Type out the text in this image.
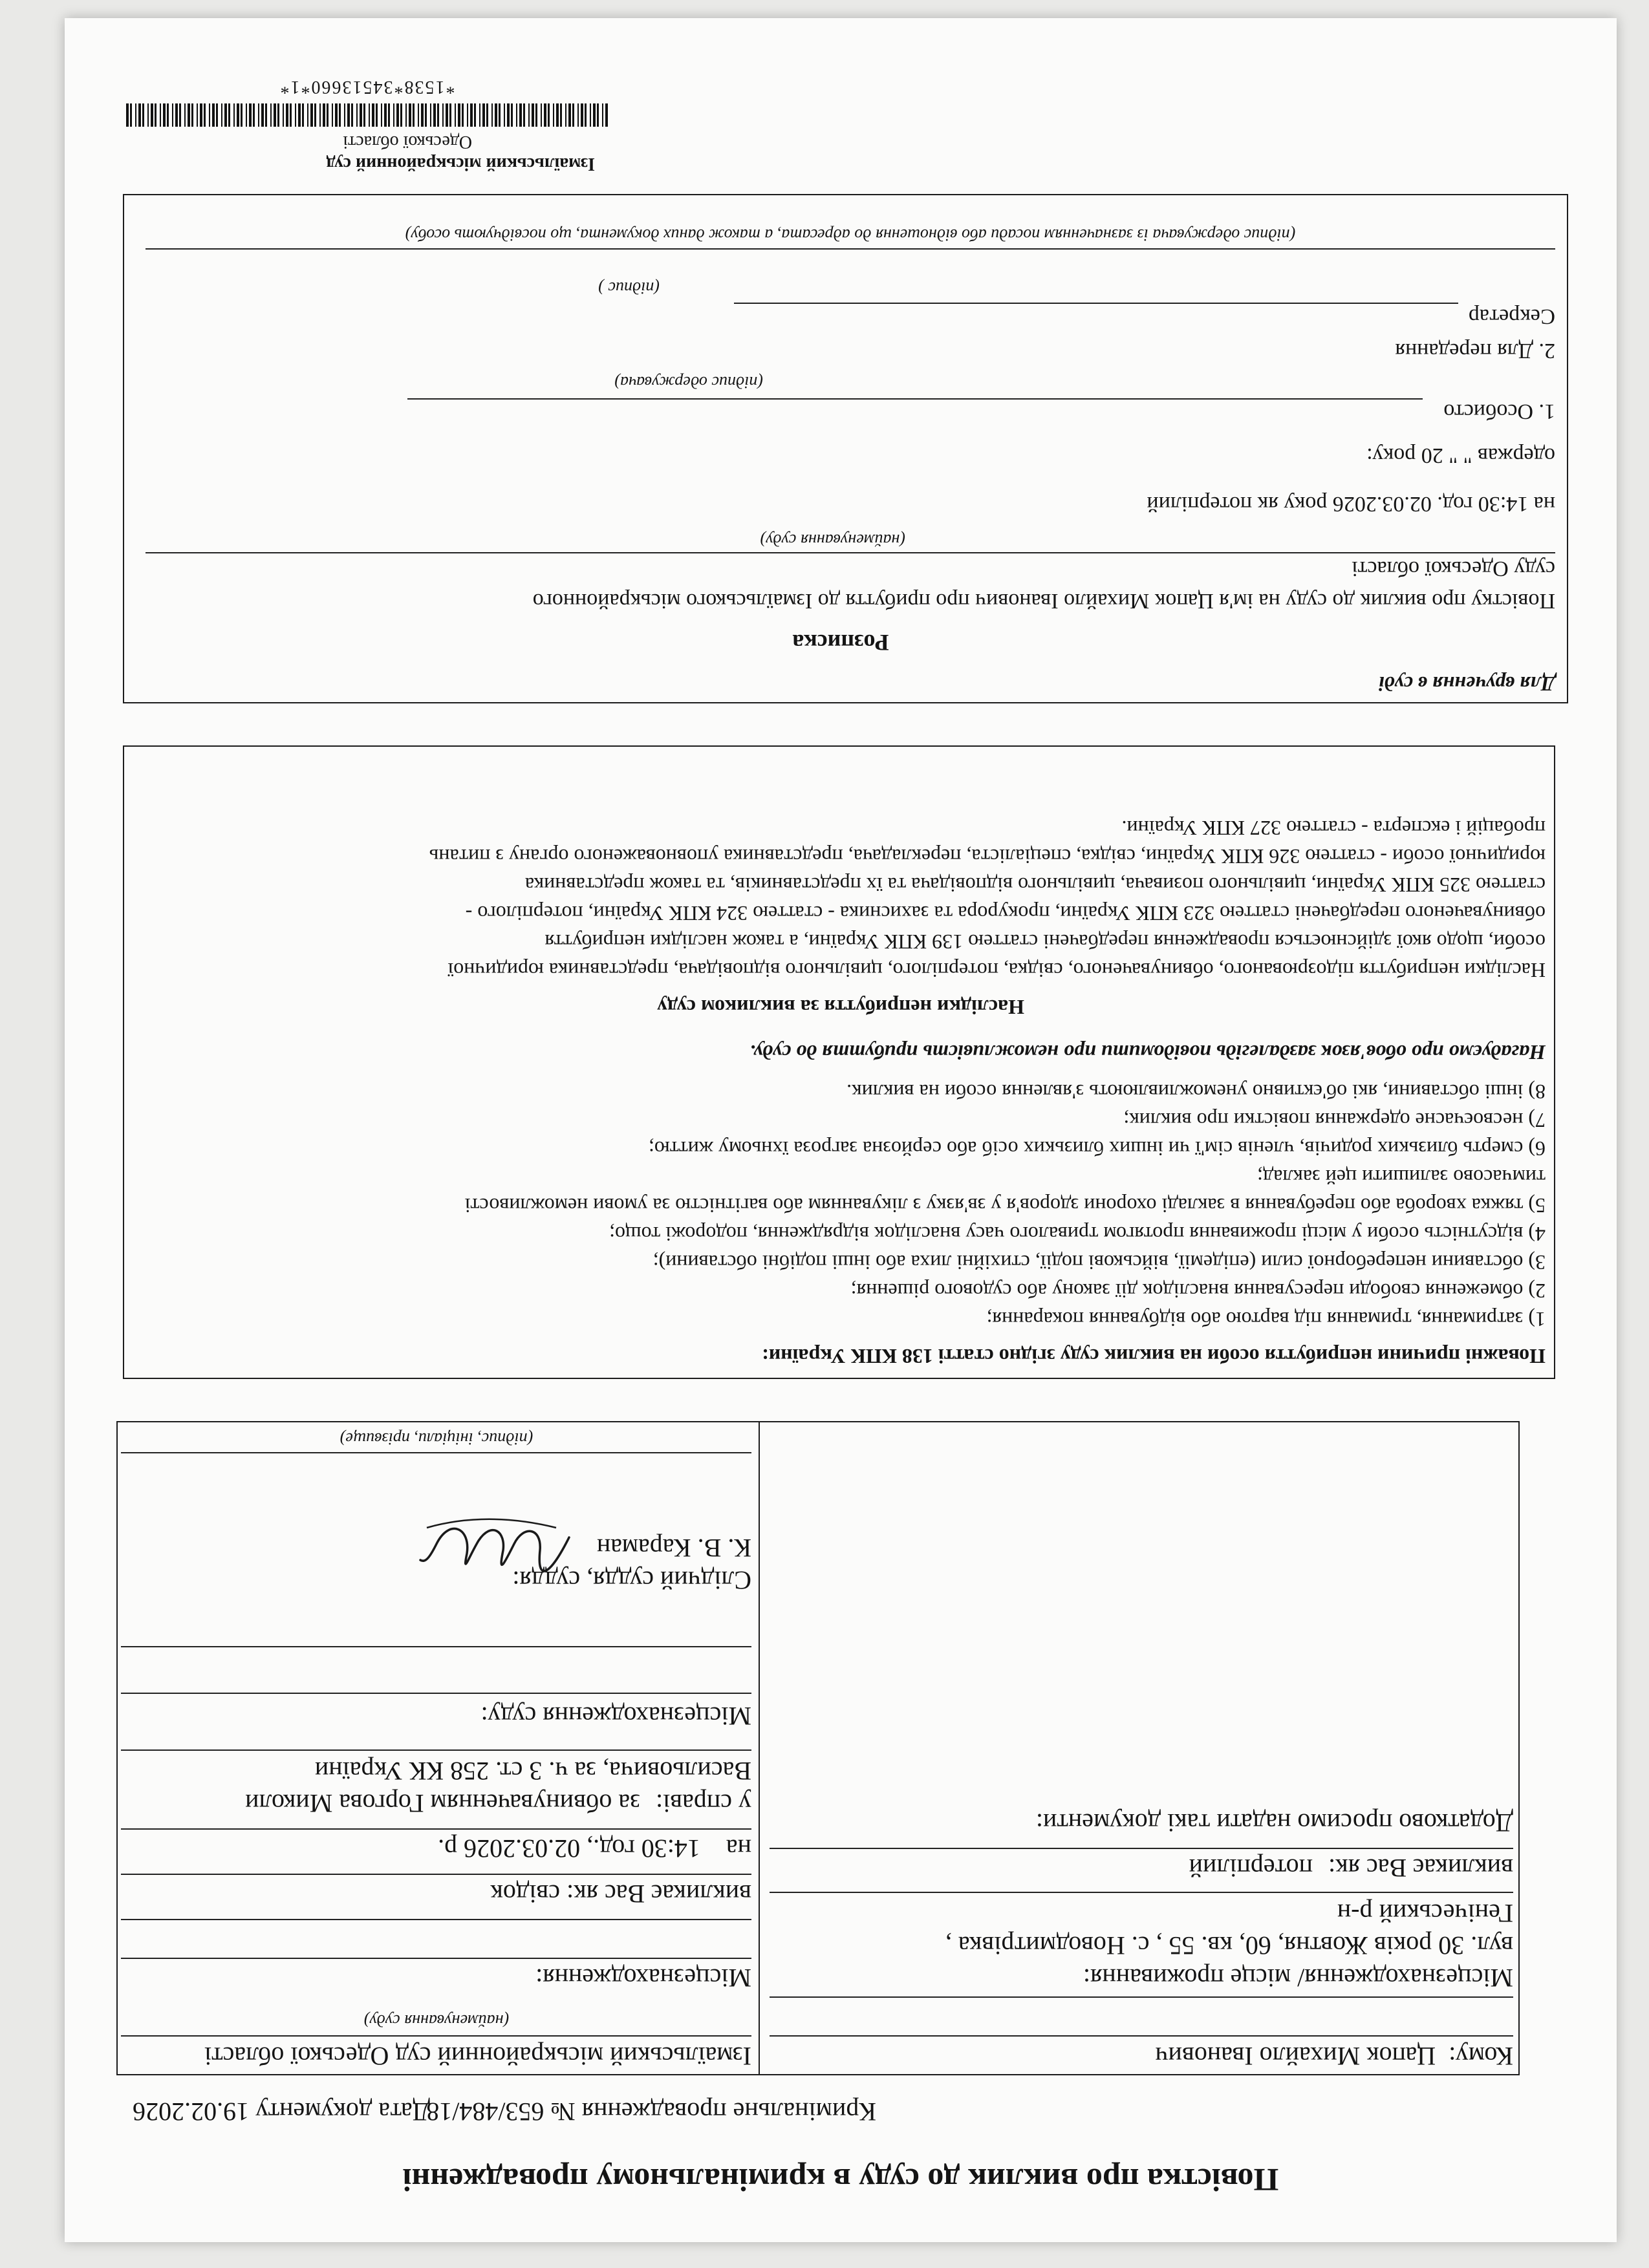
Повістка про виклик до суду в кримінальному провадженні
Кримінальне провадження № 653/484/18
Дата документу 19.02.2026
Ізмаїльський міськрайонний суд Одеської області
(найменування суду)
Місцезнаходження:
викликає Вас як: свідок
на 14:30 год., 02.03.2026 р.
у справі: за обвинуваченням Горгова Миколи
Васильовича, за ч. 3 ст. 258 КК України
Місцезнаходження суду:
Слідчий суддя, суддя:
К. В. Караман
(підпис, ініціали, прізвище)
Кому: Цапок Михайло Іванович
Місцезнаходження/ місце проживання:
вул. 30 років Жовтня, 60, кв. 55 , с. Новодмитрівка ,
Генічеський р-н
викликає Вас як: потерпілий
Додатково просимо надати такі документи:
Поважні причини неприбуття особи на виклик суду згідно статті 138 КПК України:
1) затримання, тримання під вартою або відбування покарання;
2) обмеження свободи пересування внаслідок дії закону або судового рішення;
3) обставини непереборної сили (епідемії, військові події, стихійні лиха або інші подібні обставини);
4) відсутність особи у місці проживання протягом тривалого часу внаслідок відрядження, подорожі тощо;
5) тяжка хвороба або перебування в закладі охорони здоров'я у зв'язку з лікуванням або вагітністю за умови неможливості
тимчасово залишити цей заклад;
6) смерть близьких родичів, членів сім'ї чи інших близьких осіб або серйозна загроза їхньому життю;
7) несвоєчасне одержання повістки про виклик;
8) інші обставини, які об'єктивно унеможливлюють з'явлення особи на виклик.
Нагадуємо про обов'язок заздалегідь повідомити про неможливість прибуття до суду.
Наслідки неприбуття за викликом суду
Наслідки неприбуття підозрюваного, обвинуваченого, свідка, потерпілого, цивільного відповідача, представника юридичної
особи, щодо якої здійснюється провадження передбачені статтею 139 КПК України, а також наслідки неприбуття
обвинуваченого передбачені статтею 323 КПК України, прокурора та захисника - статтею 324 КПК України, потерпілого -
статтею 325 КПК України, цивільного позивача, цивільного відповідача та їх представників, та також представника
юридичної особи - статтею 326 КПК України, свідка, спеціаліста, перекладача, представника уповноваженого органу з питань
пробацій і експерта - статтею 327 КПК України.
Для вручення в суді
Розписка
Повістку про виклик до суду на ім'я Цапок Михайло Іванович про прибуття до Ізмаїльського міськрайонного
суду Одеської області
(найменування суду)
на 14:30 год. 02.03.2026 року як потерпілий
одержав " " 20 року:
1. Особисто
(підпис одержувача)
2. Для передання
Секретар
(підпис )
(підпис одержувача із зазначенням посади або відношення до адресата, а також даних документа, що посвідчують особу)
Ізмаїльський міськрайонний суд
Одеської області
*1538*34513660*1*
